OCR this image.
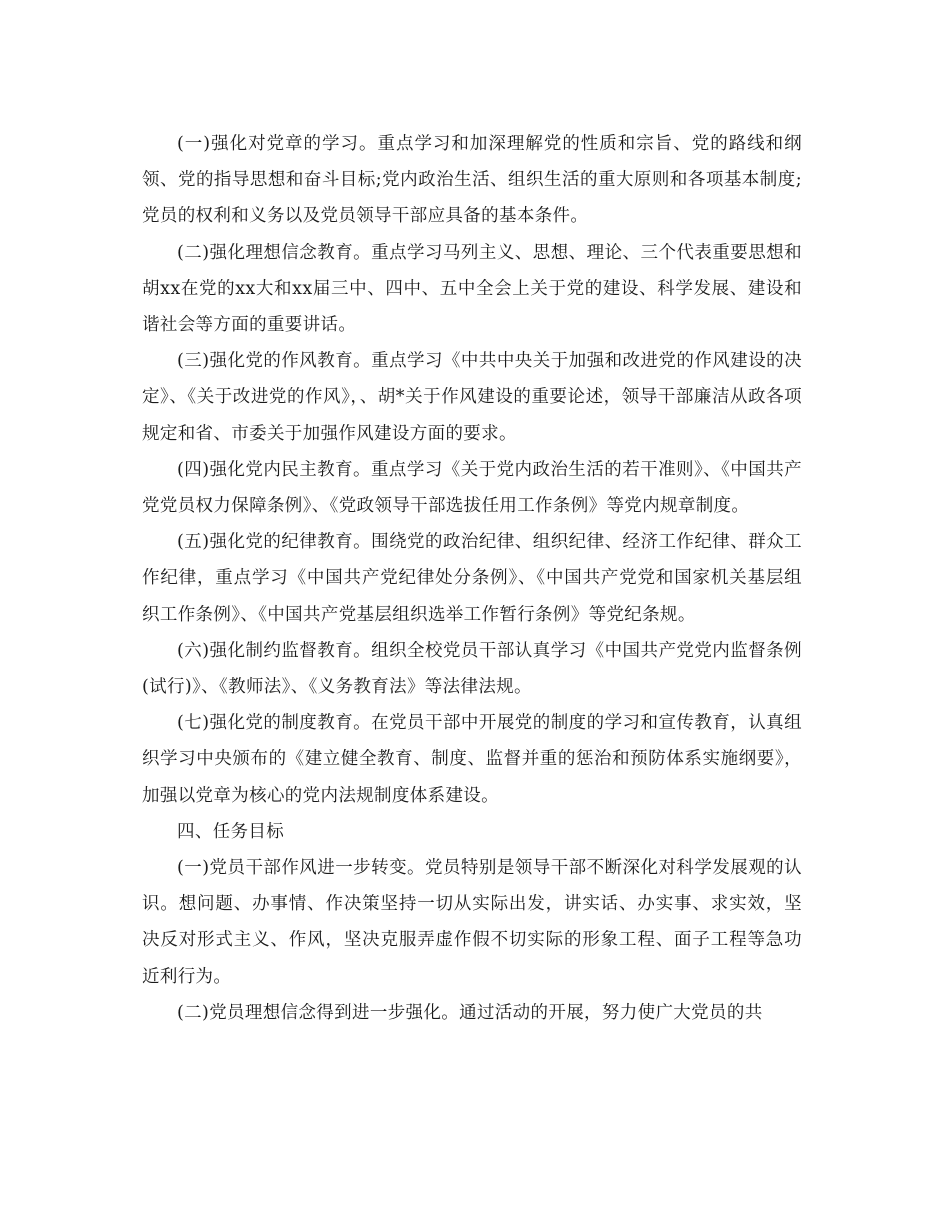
(一)强化对党章的学习。重点学习和加深理解党的性质和宗旨、党的路线和纲领、党的指导思想和奋斗目标;党内政治生活、组织生活的重大原则和各项基本制度;党员的权利和义务以及党员领导干部应具备的基本条件。

(二)强化理想信念教育。重点学习马列主义、思想、理论、三个代表重要思想和胡xx在党的xx大和xx届三中、四中、五中全会上关于党的建设、科学发展、建设和谐社会等方面的重要讲话。

(三)强化党的作风教育。重点学习《中共中央关于加强和改进党的作风建设的决定》、《关于改进党的作风》，、胡*关于作风建设的重要论述，领导干部廉洁从政各项规定和省、市委关于加强作风建设方面的要求。

(四)强化党内民主教育。重点学习《关于党内政治生活的若干准则》、《中国共产党党员权力保障条例》、《党政领导干部选拔任用工作条例》等党内规章制度。

(五)强化党的纪律教育。围绕党的政治纪律、组织纪律、经济工作纪律、群众工作纪律，重点学习《中国共产党纪律处分条例》、《中国共产党党和国家机关基层组织工作条例》、《中国共产党基层组织选举工作暂行条例》等党纪条规。

(六)强化制约监督教育。组织全校党员干部认真学习《中国共产党党内监督条例(试行)》、《教师法》、《义务教育法》等法律法规。

(七)强化党的制度教育。在党员干部中开展党的制度的学习和宣传教育，认真组织学习中央颁布的《建立健全教育、制度、监督并重的惩治和预防体系实施纲要》，加强以党章为核心的党内法规制度体系建设。

四、任务目标

(一)党员干部作风进一步转变。党员特别是领导干部不断深化对科学发展观的认识。想问题、办事情、作决策坚持一切从实际出发，讲实话、办实事、求实效，坚决反对形式主义、作风，坚决克服弄虚作假不切实际的形象工程、面子工程等急功近利行为。

(二)党员理想信念得到进一步强化。通过活动的开展，努力使广大党员的共
